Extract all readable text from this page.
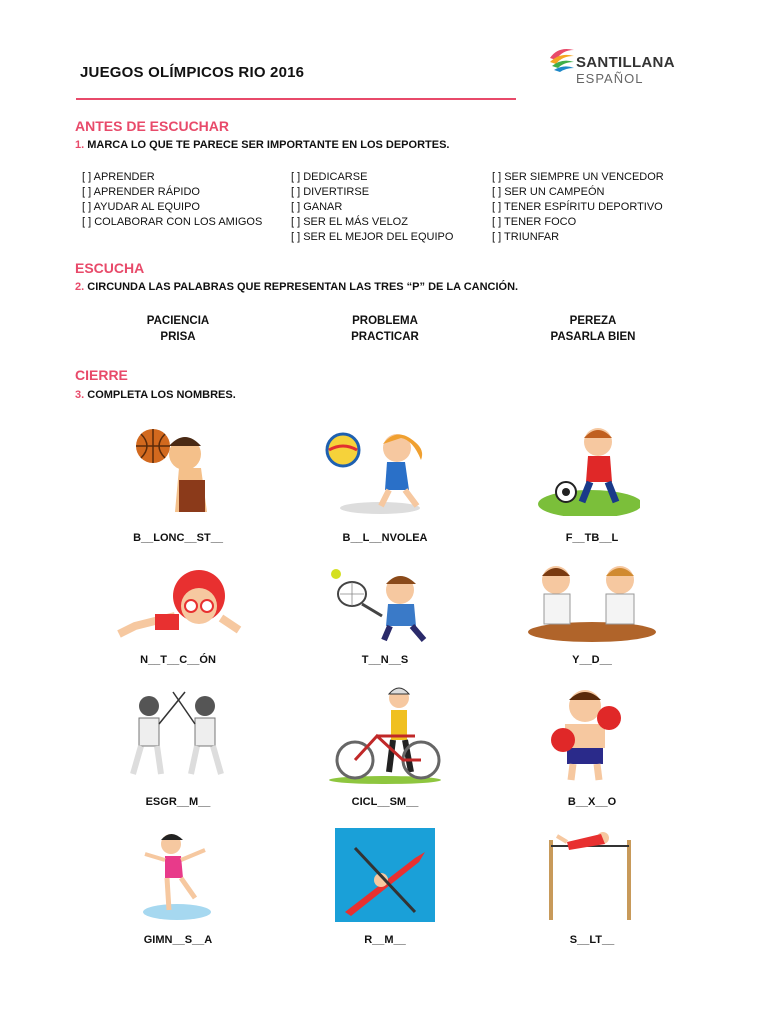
JUEGOS OLÍMPICOS RIO 2016
SANTILLANA
ESPAÑOL
ANTES DE ESCUCHAR
1. MARCA LO QUE TE PARECE SER IMPORTANTE EN LOS DEPORTES.
[ ] APRENDER
[ ] APRENDER RÁPIDO
[ ] AYUDAR AL EQUIPO
[ ] COLABORAR CON LOS AMIGOS
[ ] DEDICARSE
[ ] DIVERTIRSE
[ ] GANAR
[ ] SER EL MÁS VELOZ
[ ] SER EL MEJOR DEL EQUIPO
[ ] SER SIEMPRE UN VENCEDOR
[ ] SER UN CAMPEÓN
[ ] TENER ESPÍRITU DEPORTIVO
[ ] TENER FOCO
[ ] TRIUNFAR
ESCUCHA
2. CIRCUNDA LAS PALABRAS QUE REPRESENTAN LAS TRES “P” DE LA CANCIÓN.
PACIENCIA	PROBLEMA	PEREZA
PRISA	PRACTICAR	PASARLA BIEN
CIERRE
3. COMPLETA LOS NOMBRES.
B__LONC__ST__	B__L__NVOLEA	F__TB__L
N__T__C__ÓN	T__N__S	Y__D__
ESGR__M__	CICL__SM__	B__X__O
GIMN__S__A	R__M__	S__LT__
